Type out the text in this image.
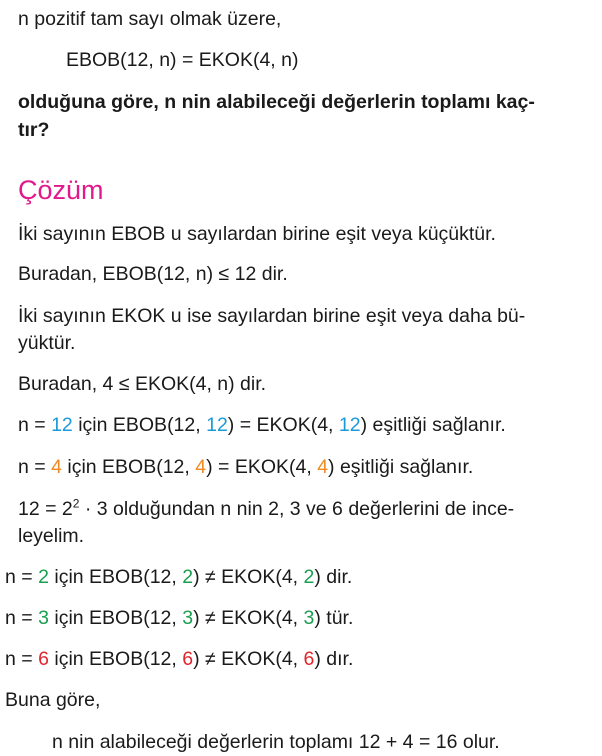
n pozitif tam sayı olmak üzere,
EBOB(12, n) = EKOK(4, n)
olduğuna göre, n nin alabileceği değerlerin toplamı kaç-
tır?
Çözüm
İki sayının EBOB u sayılardan birine eşit veya küçüktür.
Buradan, EBOB(12, n) ≤ 12 dir.
İki sayının EKOK u ise sayılardan birine eşit veya daha bü-
yüktür.
Buradan, 4 ≤ EKOK(4, n) dir.
n = 12 için EBOB(12, 12) = EKOK(4, 12) eşitliği sağlanır.
n = 4 için EBOB(12, 4) = EKOK(4, 4) eşitliği sağlanır.
$12 = 2^2 \cdot 3$ olduğundan n nin 2, 3 ve 6 değerlerini de ince-
leyelim.
n = 2 için EBOB(12, 2) ≠ EKOK(4, 2) dir.
n = 3 için EBOB(12, 3) ≠ EKOK(4, 3) tür.
n = 6 için EBOB(12, 6) ≠ EKOK(4, 6) dır.
Buna göre,
n nin alabileceği değerlerin toplamı 12 + 4 = 16 olur.
